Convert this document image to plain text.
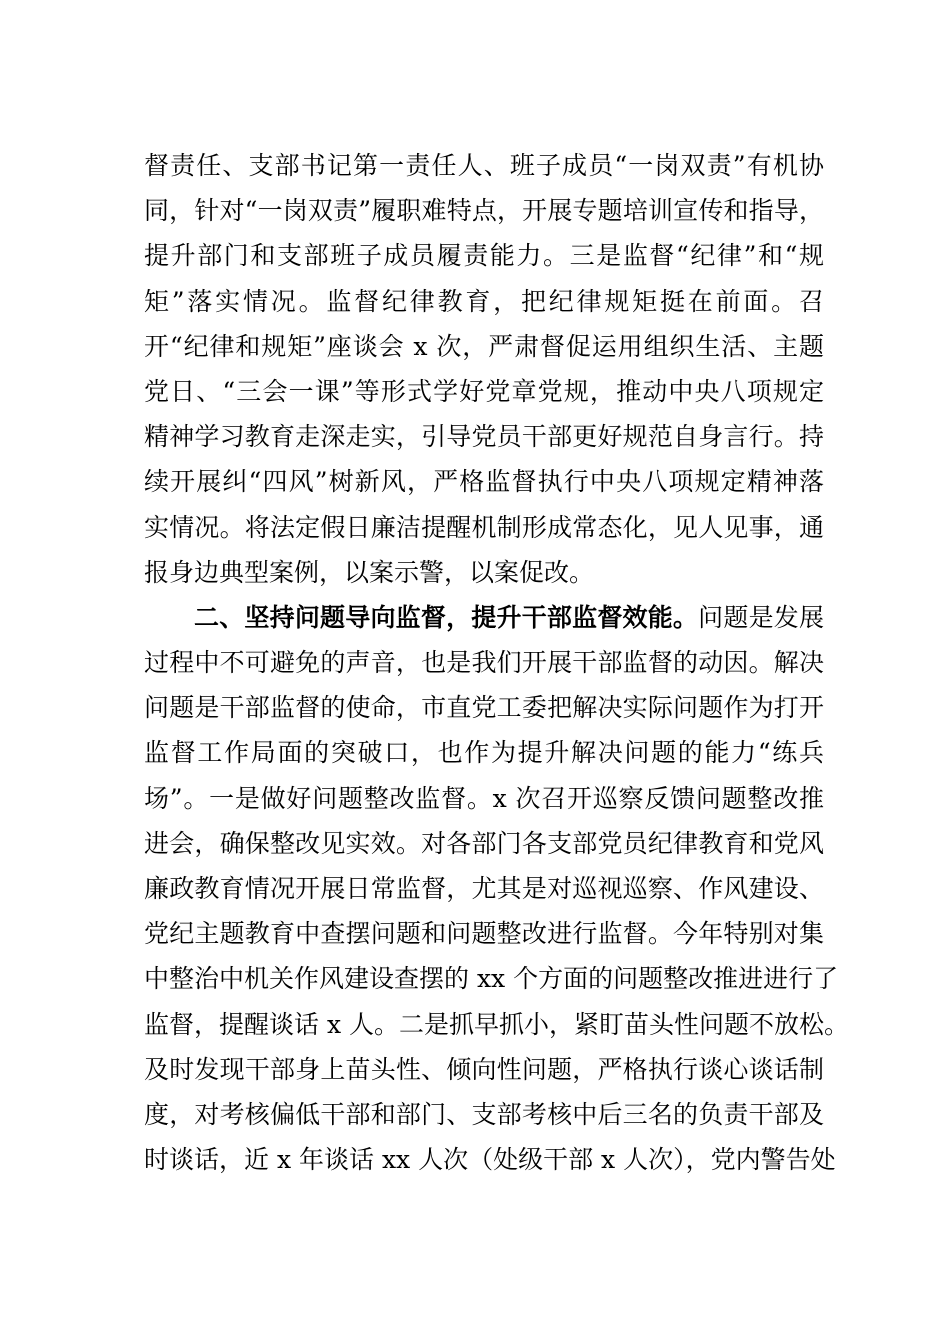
督责任、支部书记第一责任人、班子成员“一岗双责”有机协
同，针对“一岗双责”履职难特点，开展专题培训宣传和指导，
提升部门和支部班子成员履责能力。三是监督“纪律”和“规
矩”落实情况。监督纪律教育，把纪律规矩挺在前面。召
开“纪律和规矩”座谈会 x 次，严肃督促运用组织生活、主题
党日、“三会一课”等形式学好党章党规，推动中央八项规定
精神学习教育走深走实，引导党员干部更好规范自身言行。持
续开展纠“四风”树新风，严格监督执行中央八项规定精神落
实情况。将法定假日廉洁提醒机制形成常态化，见人见事，通
报身边典型案例，以案示警，以案促改。
二、坚持问题导向监督，提升干部监督效能。问题是发展
过程中不可避免的声音，也是我们开展干部监督的动因。解决
问题是干部监督的使命，市直党工委把解决实际问题作为打开
监督工作局面的突破口，也作为提升解决问题的能力“练兵
场”。一是做好问题整改监督。x 次召开巡察反馈问题整改推
进会，确保整改见实效。对各部门各支部党员纪律教育和党风
廉政教育情况开展日常监督，尤其是对巡视巡察、作风建设、
党纪主题教育中查摆问题和问题整改进行监督。今年特别对集
中整治中机关作风建设查摆的 xx 个方面的问题整改推进进行了
监督，提醒谈话 x 人。二是抓早抓小，紧盯苗头性问题不放松。
及时发现干部身上苗头性、倾向性问题，严格执行谈心谈话制
度，对考核偏低干部和部门、支部考核中后三名的负责干部及
时谈话，近 x 年谈话 xx 人次（处级干部 x 人次），党内警告处
